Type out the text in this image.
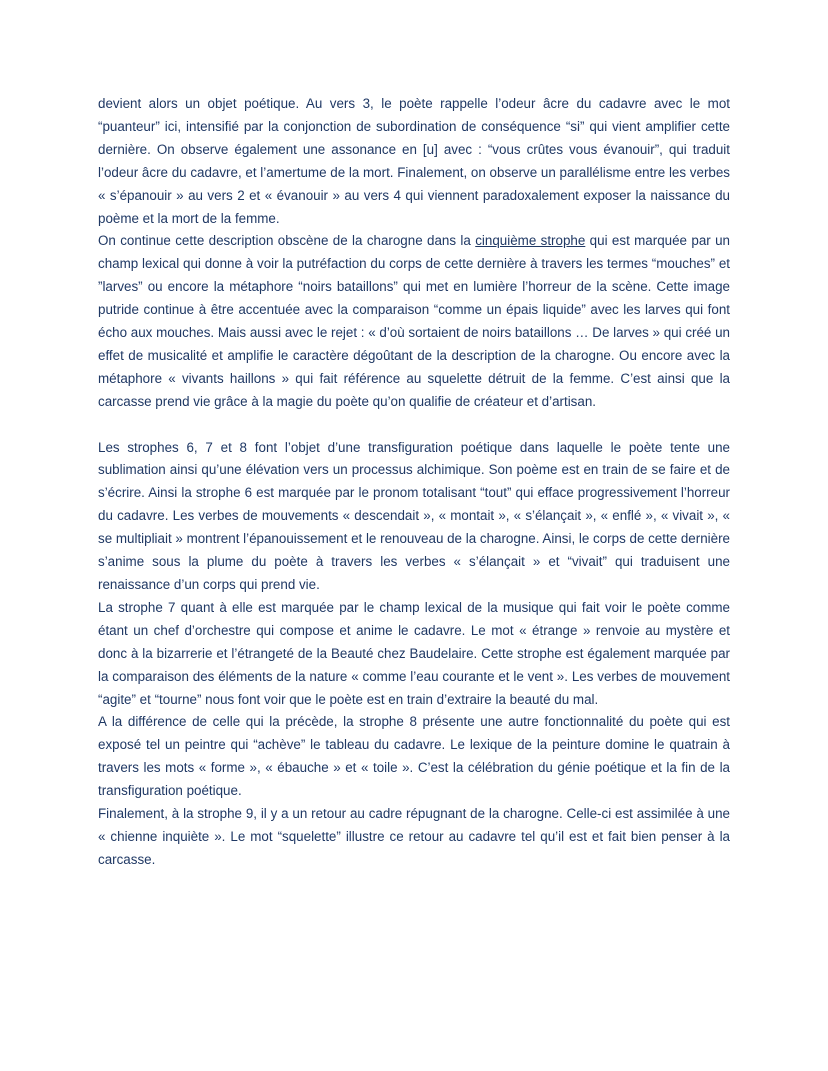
devient alors un objet poétique. Au vers 3, le poète rappelle l’odeur âcre du cadavre avec le mot “puanteur” ici, intensifié par la conjonction de subordination de conséquence “si” qui vient amplifier cette dernière. On observe également une assonance en [u] avec : “vous crûtes vous évanouir”, qui traduit l’odeur âcre du cadavre, et l’amertume de la mort. Finalement, on observe un parallélisme entre les verbes « s’épanouir » au vers 2 et « évanouir » au vers 4 qui viennent paradoxalement exposer la naissance du poème et la mort de la femme.

On continue cette description obscène de la charogne dans la cinquième strophe qui est marquée par un champ lexical qui donne à voir la putréfaction du corps de cette dernière à travers les termes “mouches” et ”larves” ou encore la métaphore “noirs bataillons” qui met en lumière l’horreur de la scène. Cette image putride continue à être accentuée avec la comparaison “comme un épais liquide” avec les larves qui font écho aux mouches. Mais aussi avec le rejet : « d’où sortaient de noirs bataillons … De larves » qui créé un effet de musicalité et amplifie le caractère dégoûtant de la description de la charogne. Ou encore avec la métaphore « vivants haillons » qui fait référence au squelette détruit de la femme. C’est ainsi que la carcasse prend vie grâce à la magie du poète qu’on qualifie de créateur et d’artisan.

Les strophes 6, 7 et 8 font l’objet d’une transfiguration poétique dans laquelle le poète tente une sublimation ainsi qu’une élévation vers un processus alchimique. Son poème est en train de se faire et de s’écrire. Ainsi la strophe 6 est marquée par le pronom totalisant “tout” qui efface progressivement l’horreur du cadavre. Les verbes de mouvements « descendait », « montait », « s’élançait », « enflé », « vivait », « se multipliait » montrent l’épanouissement et le renouveau de la charogne. Ainsi, le corps de cette dernière s’anime sous la plume du poète à travers les verbes « s’élançait » et “vivait” qui traduisent une renaissance d’un corps qui prend vie.

La strophe 7 quant à elle est marquée par le champ lexical de la musique qui fait voir le poète comme étant un chef d’orchestre qui compose et anime le cadavre. Le mot « étrange » renvoie au mystère et donc à la bizarrerie et l’étrangeté de la Beauté chez Baudelaire. Cette strophe est également marquée par la comparaison des éléments de la nature « comme l’eau courante et le vent ». Les verbes de mouvement “agite” et “tourne” nous font voir que le poète est en train d’extraire la beauté du mal.

A la différence de celle qui la précède, la strophe 8 présente une autre fonctionnalité du poète qui est exposé tel un peintre qui “achève” le tableau du cadavre. Le lexique de la peinture domine le quatrain à travers les mots « forme », « ébauche » et « toile ». C’est la célébration du génie poétique et la fin de la transfiguration poétique.

Finalement, à la strophe 9, il y a un retour au cadre répugnant de la charogne. Celle-ci est assimilée à une « chienne inquiète ». Le mot “squelette” illustre ce retour au cadavre tel qu’il est et fait bien penser à la carcasse.
